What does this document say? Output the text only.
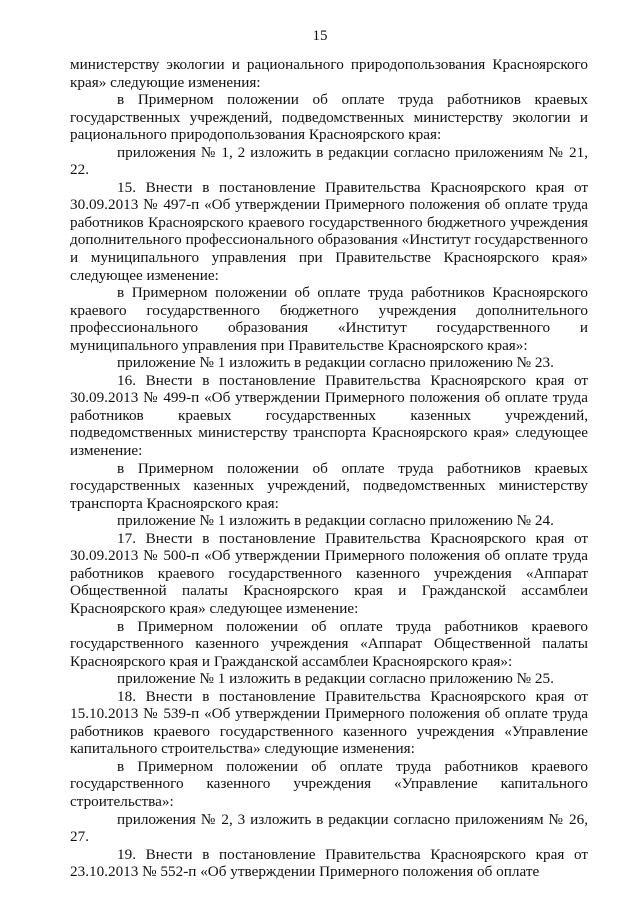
15

министерству экологии и рационального природопользования Красноярского края» следующие изменения:

в Примерном положении об оплате труда работников краевых государственных учреждений, подведомственных министерству экологии и рационального природопользования Красноярского края:

приложения № 1, 2 изложить в редакции согласно приложениям № 21, 22.

15. Внести в постановление Правительства Красноярского края от 30.09.2013 № 497-п «Об утверждении Примерного положения об оплате труда работников Красноярского краевого государственного бюджетного учреждения дополнительного профессионального образования «Институт государственного и муниципального управления при Правительстве Красноярского края» следующее изменение:

в Примерном положении об оплате труда работников Красноярского краевого государственного бюджетного учреждения дополнительного профессионального образования «Институт государственного и муниципального управления при Правительстве Красноярского края»:

приложение № 1 изложить в редакции согласно приложению № 23.

16. Внести в постановление Правительства Красноярского края от 30.09.2013 № 499-п «Об утверждении Примерного положения об оплате труда работников краевых государственных казенных учреждений, подведомственных министерству транспорта Красноярского края» следующее изменение:

в Примерном положении об оплате труда работников краевых государственных казенных учреждений, подведомственных министерству транспорта Красноярского края:

приложение № 1 изложить в редакции согласно приложению № 24.

17. Внести в постановление Правительства Красноярского края от 30.09.2013 № 500-п «Об утверждении Примерного положения об оплате труда работников краевого государственного казенного учреждения «Аппарат Общественной палаты Красноярского края и Гражданской ассамблеи Красноярского края» следующее изменение:

в Примерном положении об оплате труда работников краевого государственного казенного учреждения «Аппарат Общественной палаты Красноярского края и Гражданской ассамблеи Красноярского края»:

приложение № 1 изложить в редакции согласно приложению № 25.

18. Внести в постановление Правительства Красноярского края от 15.10.2013 № 539-п «Об утверждении Примерного положения об оплате труда работников краевого государственного казенного учреждения «Управление капитального строительства» следующие изменения:

в Примерном положении об оплате труда работников краевого государственного казенного учреждения «Управление капитального строительства»:

приложения № 2, 3 изложить в редакции согласно приложениям № 26, 27.

19. Внести в постановление Правительства Красноярского края от 23.10.2013 № 552-п «Об утверждении Примерного положения об оплате
